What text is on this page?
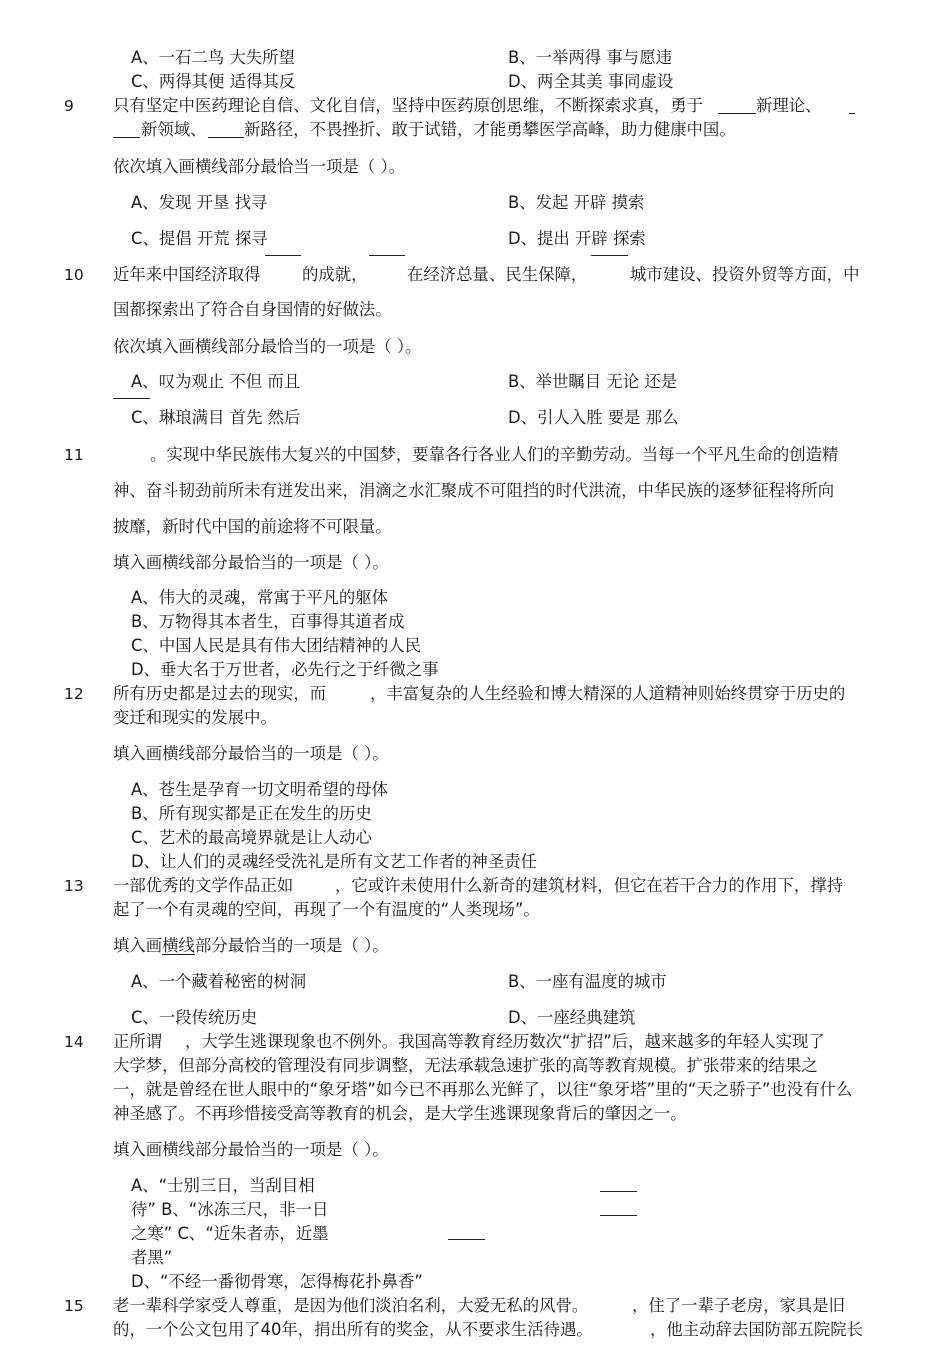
A、一石二鸟 大失所望	B、一举两得 事与愿违
C、两得其便 适得其反	D、两全其美 事同虚设
9 只有坚定中医药理论自信、文化自信，坚持中医药原创思维，不断探索求真，勇于	新理论、
新领域、 新路径，不畏挫折、敢于试错，才能勇攀医学高峰，助力健康中国。
依次填入画横线部分最恰当一项是（ ）。
A、发现 开垦 找寻	B、发起 开辟 摸索
C、提倡 开荒 探寻	D、提出 开辟 探索
10 近年来中国经济取得	的成就， 在经济总量、民生保障，	城市建设、投资外贸等方面，中
国都探索出了符合自身国情的好做法。
依次填入画横线部分最恰当的一项是（ ）。
A、叹为观止 不但 而且	B、举世瞩目 无论 还是
C、琳琅满目 首先 然后	D、引人入胜 要是 那么
11	。实现中华民族伟大复兴的中国梦，要靠各行各业人们的辛勤劳动。当每一个平凡生命的创造精
神、奋斗韧劲前所未有迸发出来，涓滴之水汇聚成不可阻挡的时代洪流，中华民族的逐梦征程将所向
披靡，新时代中国的前途将不可限量。
填入画横线部分最恰当的一项是（ ）。
A、伟大的灵魂，常寓于平凡的躯体
B、万物得其本者生，百事得其道者成
C、中国人民是具有伟大团结精神的人民
D、垂大名于万世者，必先行之于纤微之事
12 所有历史都是过去的现实，而	，丰富复杂的人生经验和博大精深的人道精神则始终贯穿于历史的
变迁和现实的发展中。
填入画横线部分最恰当的一项是（ ）。
A、苍生是孕育一切文明希望的母体
B、所有现实都是正在发生的历史
C、艺术的最高境界就是让人动心
D、让人们的灵魂经受洗礼是所有文艺工作者的神圣责任
13 一部优秀的文学作品正如	，它或许未使用什么新奇的建筑材料，但它在若干合力的作用下，撑持
起了一个有灵魂的空间，再现了一个有温度的“人类现场”。
填入画横线部分最恰当的一项是（ ）。
A、一个藏着秘密的树洞	B、一座有温度的城市
C、一段传统历史	D、一座经典建筑
14 正所谓 ，大学生逃课现象也不例外。我国高等教育经历数次“扩招”后，越来越多的年轻人实现了
大学梦，但部分高校的管理没有同步调整，无法承载急速扩张的高等教育规模。扩张带来的结果之
一，就是曾经在世人眼中的“象牙塔”如今已不再那么光鲜了，以往“象牙塔”里的“天之骄子”也没有什么
神圣感了。不再珍惜接受高等教育的机会，是大学生逃课现象背后的肇因之一。
填入画横线部分最恰当的一项是（ ）。
A、“士别三日，当刮目相
待” B、“冰冻三尺，非一日
之寒” C、“近朱者赤，近墨
者黑”
D、“不经一番彻骨寒，怎得梅花扑鼻香”
15 老一辈科学家受人尊重，是因为他们淡泊名利，大爱无私的风骨。	，住了一辈子老房，家具是旧
的，一个公文包用了40年，捐出所有的奖金，从不要求生活待遇。	，他主动辞去国防部五院院长
